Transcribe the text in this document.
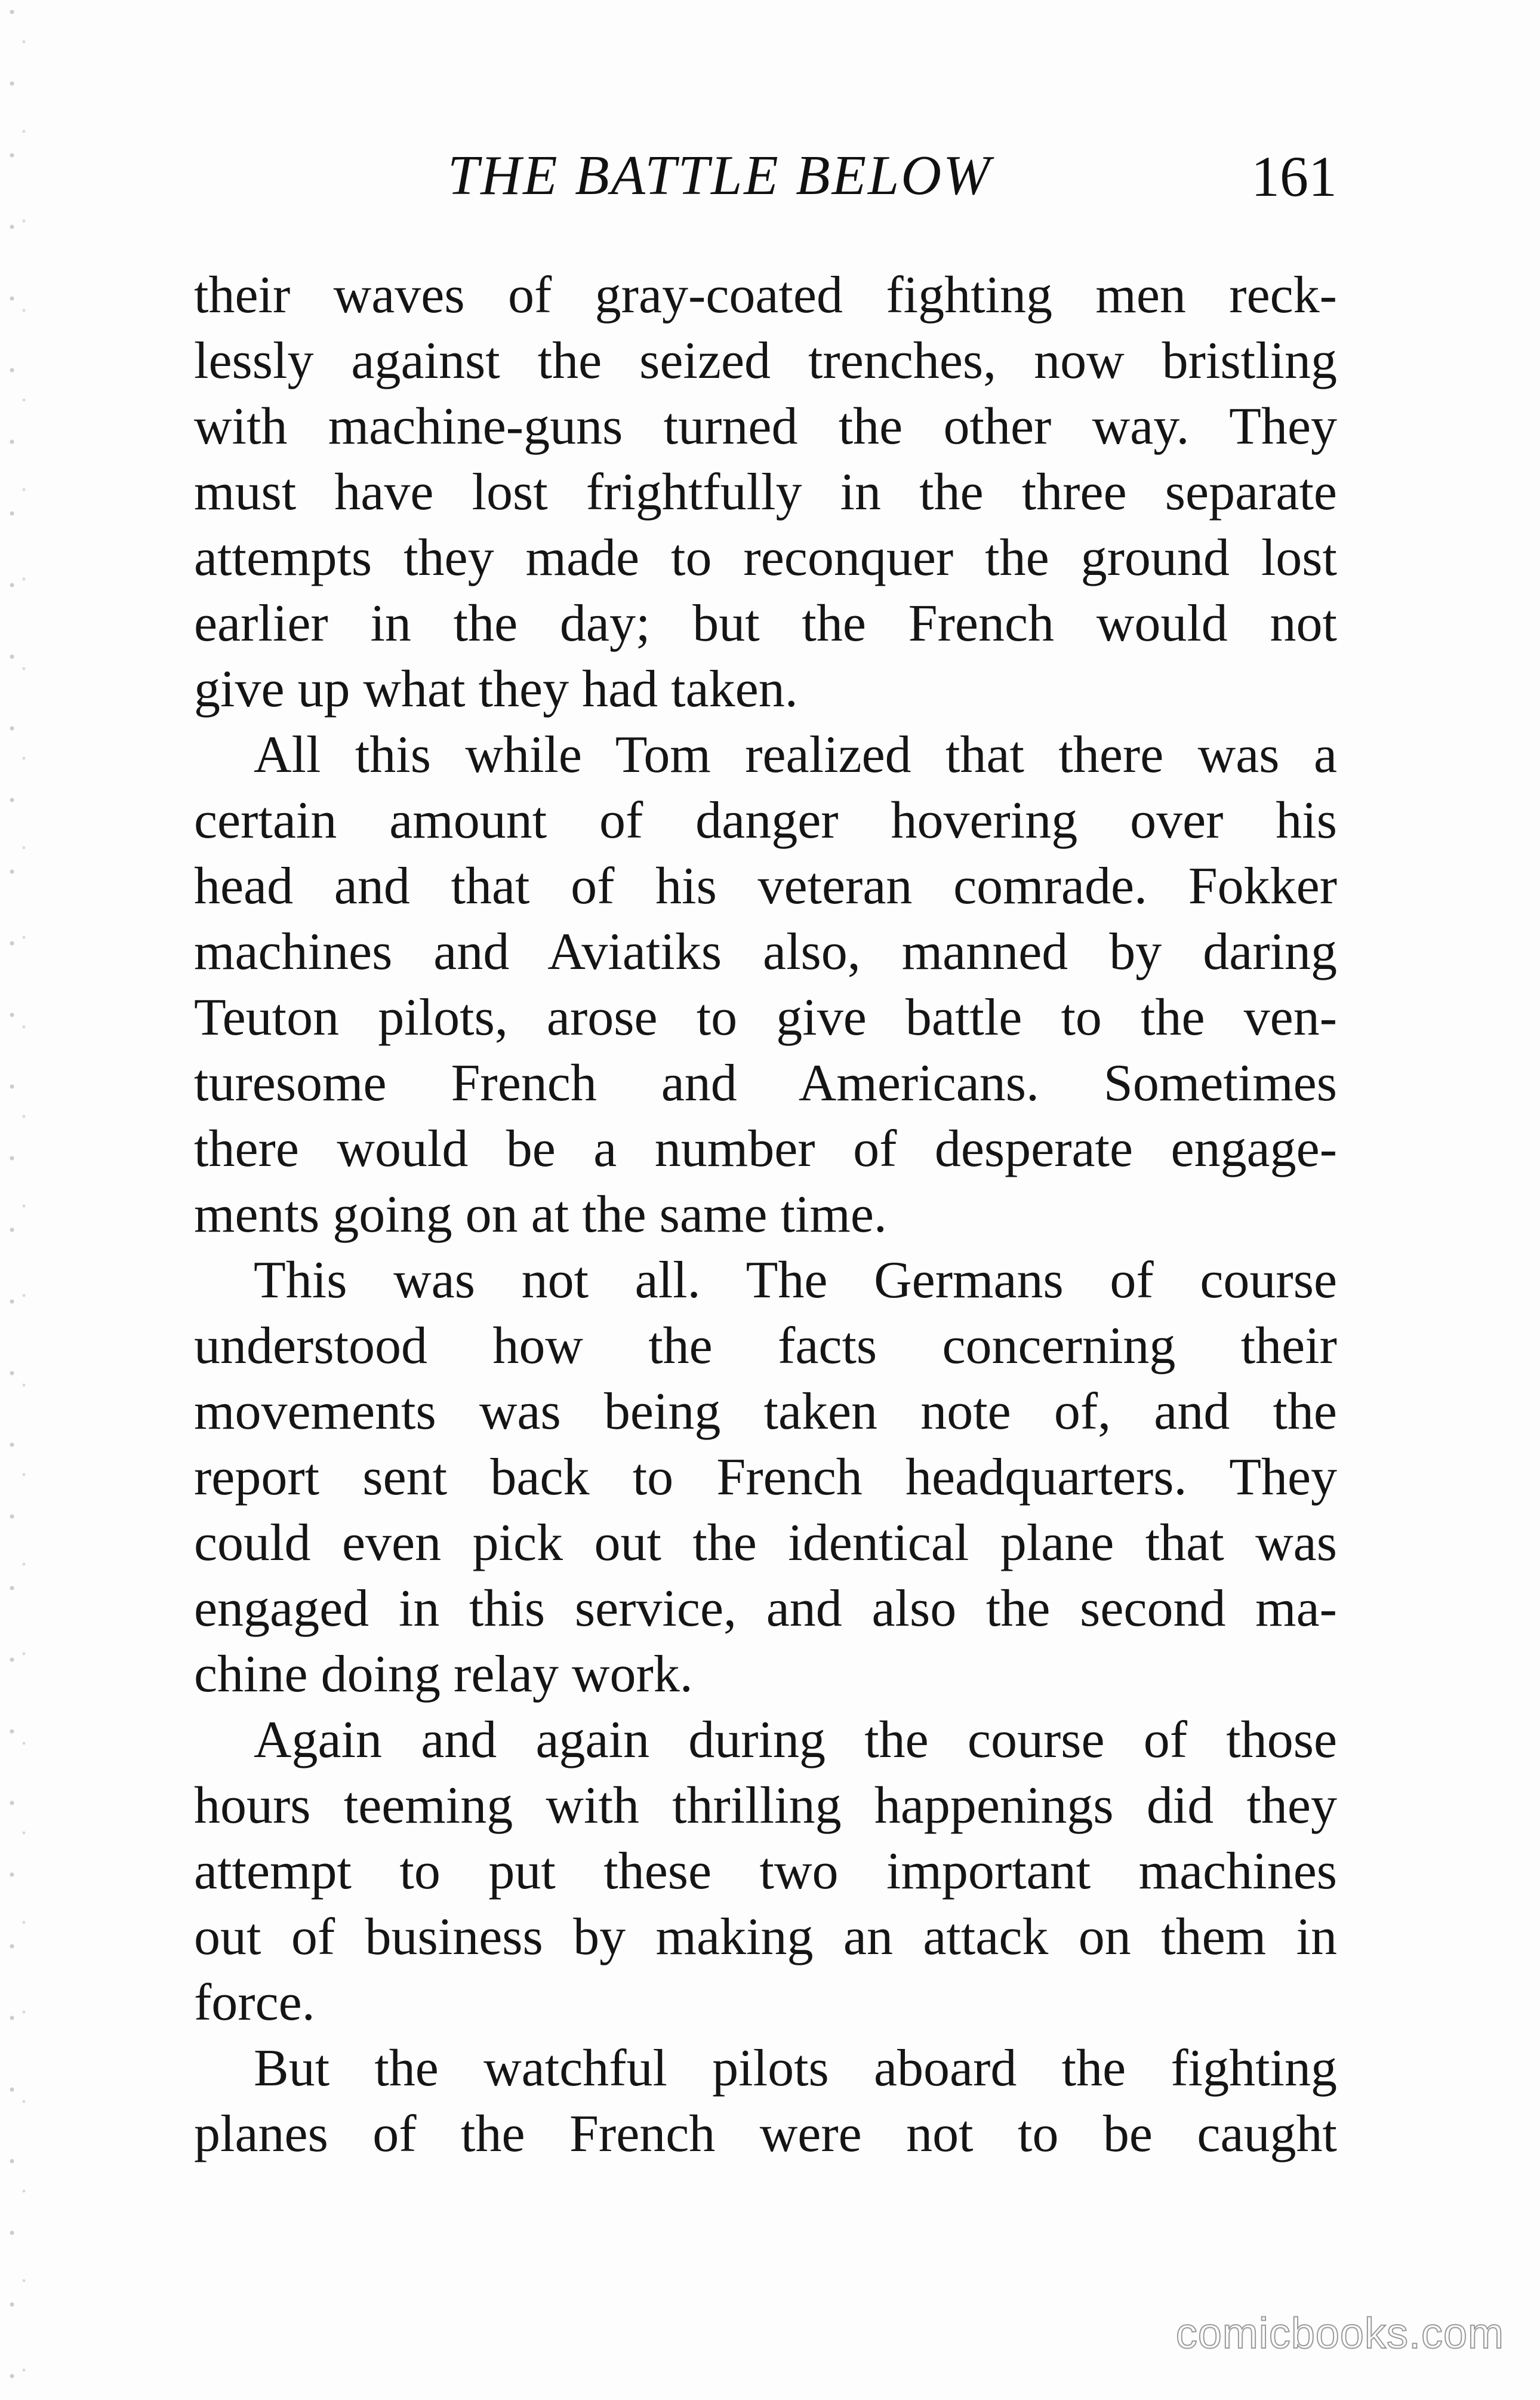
THE BATTLE BELOW	161
their waves of gray-coated fighting men reck-
lessly against the seized trenches, now bristling
with machine-guns turned the other way. They
must have lost frightfully in the three separate
attempts they made to reconquer the ground lost
earlier in the day; but the French would not
give up what they had taken.
All this while Tom realized that there was a
certain amount of danger hovering over his
head and that of his veteran comrade. Fokker
machines and Aviatiks also, manned by daring
Teuton pilots, arose to give battle to the ven-
turesome French and Americans. Sometimes
there would be a number of desperate engage-
ments going on at the same time.
This was not all. The Germans of course
understood how the facts concerning their
movements was being taken note of, and the
report sent back to French headquarters. They
could even pick out the identical plane that was
engaged in this service, and also the second ma-
chine doing relay work.
Again and again during the course of those
hours teeming with thrilling happenings did they
attempt to put these two important machines
out of business by making an attack on them in
force.
But the watchful pilots aboard the fighting
planes of the French were not to be caught
comicbooks.com
